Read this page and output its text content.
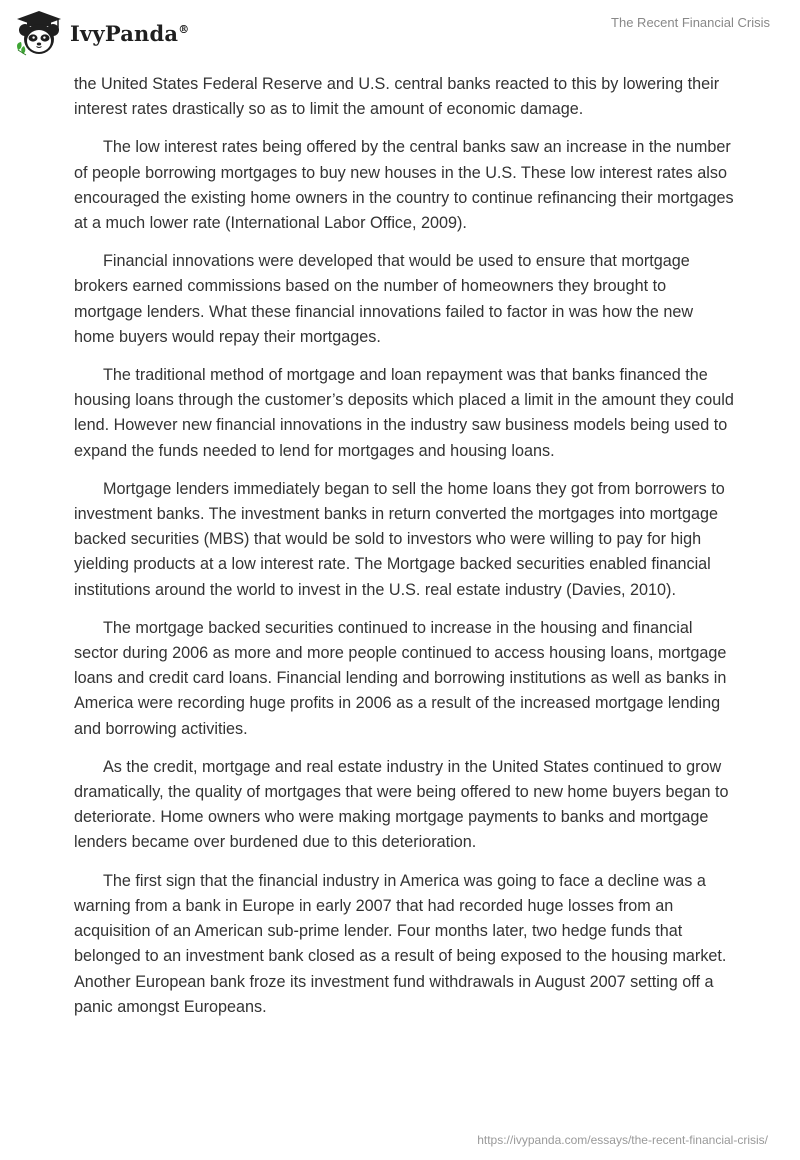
IvyPanda®	The Recent Financial Crisis

the United States Federal Reserve and U.S. central banks reacted to this by lowering their interest rates drastically so as to limit the amount of economic damage.

The low interest rates being offered by the central banks saw an increase in the number of people borrowing mortgages to buy new houses in the U.S. These low interest rates also encouraged the existing home owners in the country to continue refinancing their mortgages at a much lower rate (International Labor Office, 2009).

Financial innovations were developed that would be used to ensure that mortgage brokers earned commissions based on the number of homeowners they brought to mortgage lenders. What these financial innovations failed to factor in was how the new home buyers would repay their mortgages.

The traditional method of mortgage and loan repayment was that banks financed the housing loans through the customer’s deposits which placed a limit in the amount they could lend. However new financial innovations in the industry saw business models being used to expand the funds needed to lend for mortgages and housing loans.

Mortgage lenders immediately began to sell the home loans they got from borrowers to investment banks. The investment banks in return converted the mortgages into mortgage backed securities (MBS) that would be sold to investors who were willing to pay for high yielding products at a low interest rate. The Mortgage backed securities enabled financial institutions around the world to invest in the U.S. real estate industry (Davies, 2010).

The mortgage backed securities continued to increase in the housing and financial sector during 2006 as more and more people continued to access housing loans, mortgage loans and credit card loans. Financial lending and borrowing institutions as well as banks in America were recording huge profits in 2006 as a result of the increased mortgage lending and borrowing activities.

As the credit, mortgage and real estate industry in the United States continued to grow dramatically, the quality of mortgages that were being offered to new home buyers began to deteriorate. Home owners who were making mortgage payments to banks and mortgage lenders became over burdened due to this deterioration.

The first sign that the financial industry in America was going to face a decline was a warning from a bank in Europe in early 2007 that had recorded huge losses from an acquisition of an American sub-prime lender. Four months later, two hedge funds that belonged to an investment bank closed as a result of being exposed to the housing market. Another European bank froze its investment fund withdrawals in August 2007 setting off a panic amongst Europeans.

https://ivypanda.com/essays/the-recent-financial-crisis/
